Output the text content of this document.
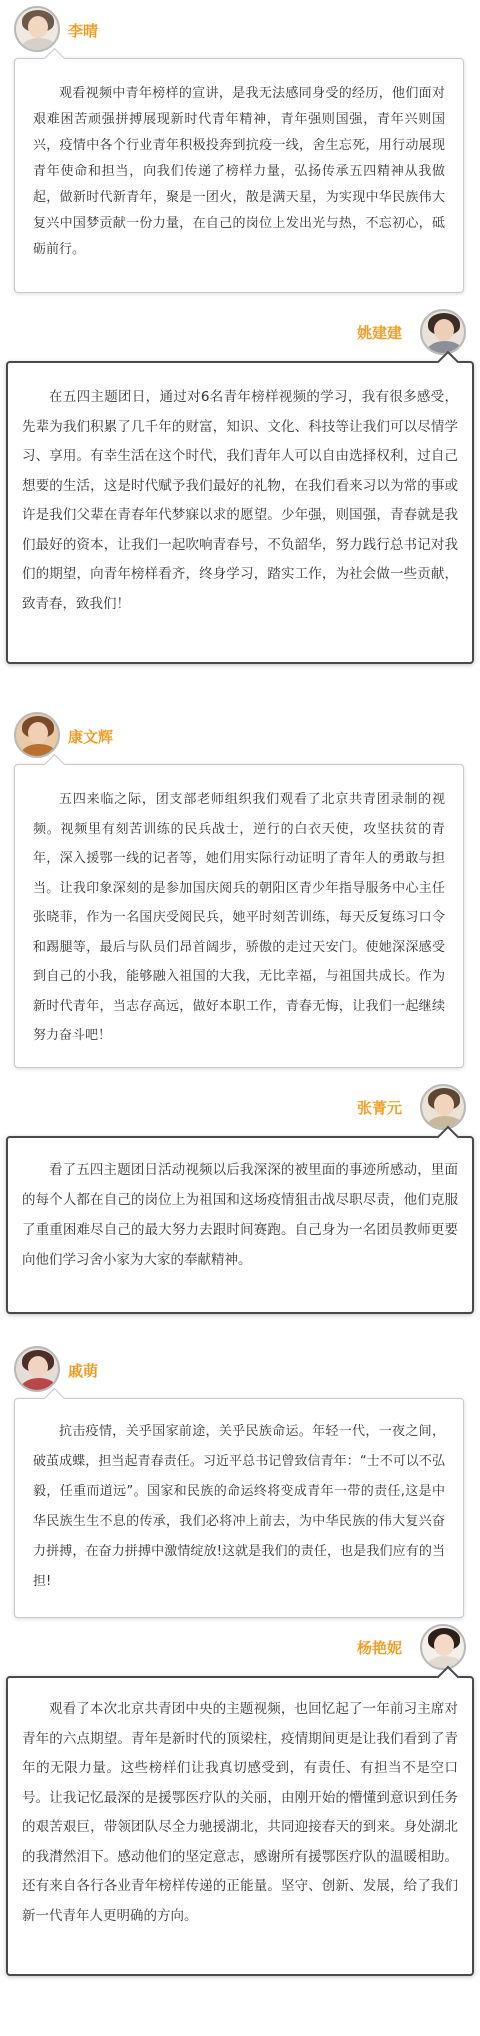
李晴

观看视频中青年榜样的宣讲，是我无法感同身受的经历，他们面对艰难困苦顽强拼搏展现新时代青年精神，青年强则国强，青年兴则国兴，疫情中各个行业青年积极投奔到抗疫一线，舍生忘死，用行动展现青年使命和担当，向我们传递了榜样力量，弘扬传承五四精神从我做起，做新时代新青年，聚是一团火，散是满天星，为实现中华民族伟大复兴中国梦贡献一份力量，在自己的岗位上发出光与热，不忘初心，砥砺前行。

姚建建

在五四主题团日，通过对6名青年榜样视频的学习，我有很多感受，先辈为我们积累了几千年的财富，知识、文化、科技等让我们可以尽情学习、享用。有幸生活在这个时代，我们青年人可以自由选择权利，过自己想要的生活，这是时代赋予我们最好的礼物，在我们看来习以为常的事或许是我们父辈在青春年代梦寐以求的愿望。少年强，则国强，青春就是我们最好的资本，让我们一起吹响青春号，不负韶华，努力践行总书记对我们的期望，向青年榜样看齐，终身学习，踏实工作，为社会做一些贡献，致青春，致我们！

康文辉

五四来临之际，团支部老师组织我们观看了北京共青团录制的视频。视频里有刻苦训练的民兵战士，逆行的白衣天使，攻坚扶贫的青年，深入援鄂一线的记者等，她们用实际行动证明了青年人的勇敢与担当。让我印象深刻的是参加国庆阅兵的朝阳区青少年指导服务中心主任张晓菲，作为一名国庆受阅民兵，她平时刻苦训练，每天反复练习口令和踢腿等，最后与队员们昂首阔步，骄傲的走过天安门。使她深深感受到自己的小我，能够融入祖国的大我，无比幸福，与祖国共成长。作为新时代青年，当志存高远，做好本职工作，青春无悔，让我们一起继续努力奋斗吧！

张菁元

看了五四主题团日活动视频以后我深深的被里面的事迹所感动，里面的每个人都在自己的岗位上为祖国和这场疫情狙击战尽职尽责，他们克服了重重困难尽自己的最大努力去跟时间赛跑。自己身为一名团员教师更要向他们学习舍小家为大家的奉献精神。

戚萌

抗击疫情，关乎国家前途，关乎民族命运。年轻一代，一夜之间，破茧成蝶，担当起青春责任。习近平总书记曾致信青年：“士不可以不弘毅，任重而道远”。国家和民族的命运终将变成青年一带的责任,这是中华民族生生不息的传承，我们必将冲上前去，为中华民族的伟大复兴奋力拼搏，在奋力拼搏中激情绽放!这就是我们的责任，也是我们应有的当担!

杨艳妮

观看了本次北京共青团中央的主题视频，也回忆起了一年前习主席对青年的六点期望。青年是新时代的顶梁柱，疫情期间更是让我们看到了青年的无限力量。这些榜样们让我真切感受到，有责任、有担当不是空口号。让我记忆最深的是援鄂医疗队的关丽，由刚开始的懵懂到意识到任务的艰苦艰巨，带领团队尽全力驰援湖北，共同迎接春天的到来。身处湖北的我潸然泪下。感动他们的坚定意志，感谢所有援鄂医疗队的温暖相助。还有来自各行各业青年榜样传递的正能量。坚守、创新、发展，给了我们新一代青年人更明确的方向。
